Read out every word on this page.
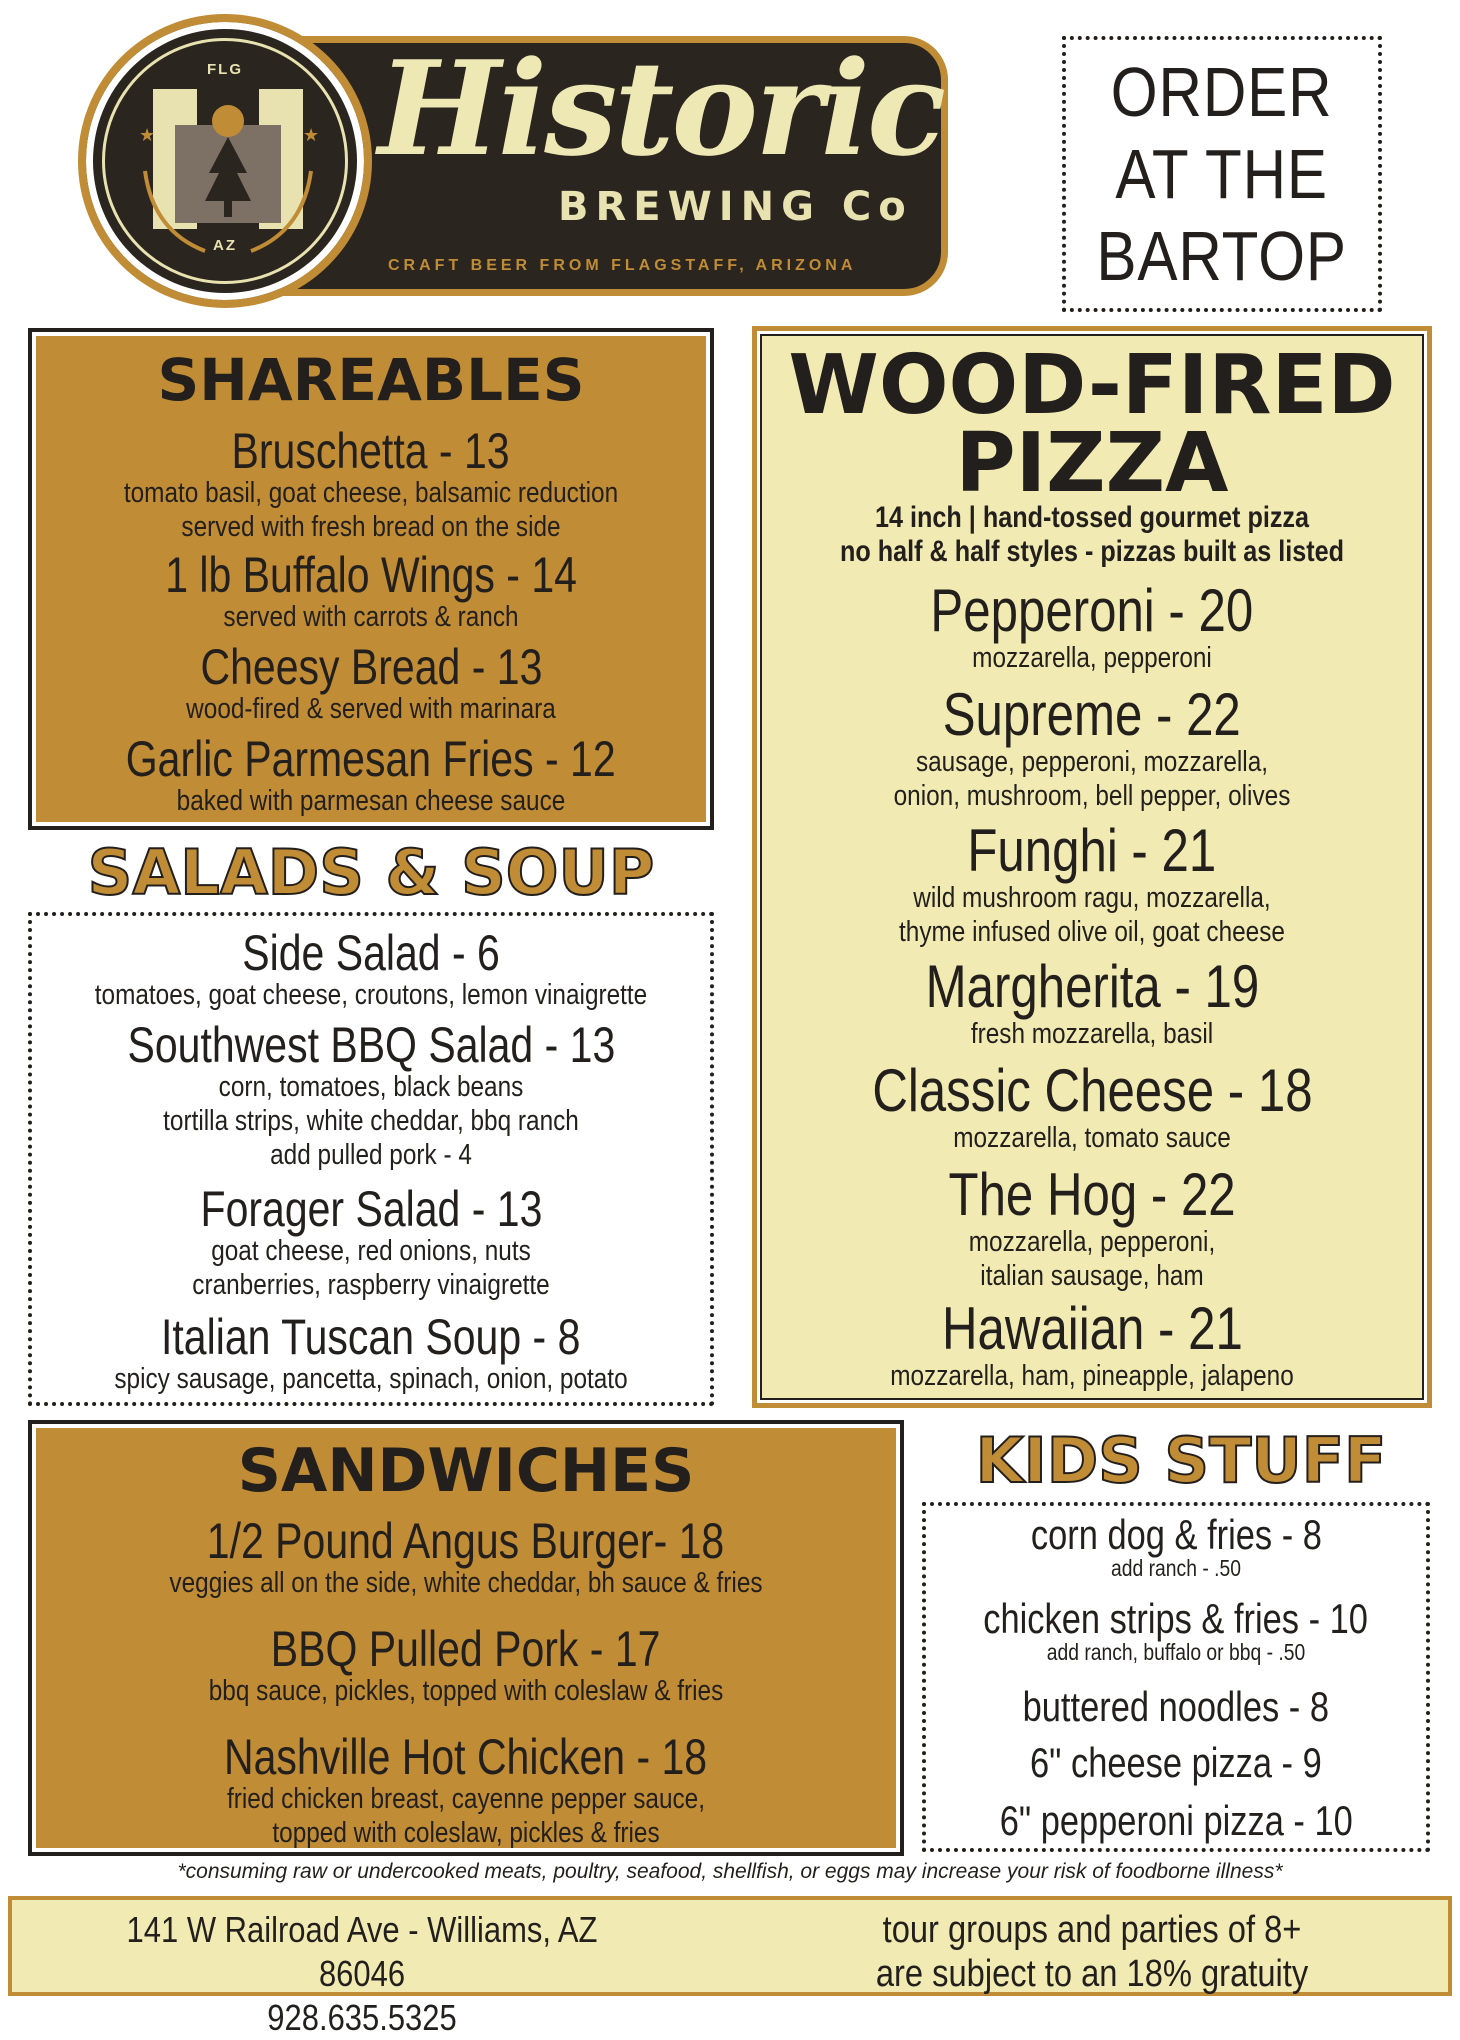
FLG
★	★
AZ
Historic
BREWING Co
CRAFT BEER FROM FLAGSTAFF, ARIZONA
ORDER
AT THE
BARTOP
SHAREABLES
Bruschetta - 13
tomato basil, goat cheese, balsamic reduction
served with fresh bread on the side
1 lb Buffalo Wings - 14
served with carrots & ranch
Cheesy Bread - 13
wood-fired & served with marinara
Garlic Parmesan Fries - 12
baked with parmesan cheese sauce
SALADS & SOUP
Side Salad - 6
tomatoes, goat cheese, croutons, lemon vinaigrette
Southwest BBQ Salad - 13
corn, tomatoes, black beans
tortilla strips, white cheddar, bbq ranch
add pulled pork - 4
Forager Salad - 13
goat cheese, red onions, nuts
cranberries, raspberry vinaigrette
Italian Tuscan Soup - 8
spicy sausage, pancetta, spinach, onion, potato
WOOD-FIRED
PIZZA
14 inch | hand-tossed gourmet pizza
no half & half styles - pizzas built as listed
Pepperoni - 20
mozzarella, pepperoni
Supreme - 22
sausage, pepperoni, mozzarella,
onion, mushroom, bell pepper, olives
Funghi - 21
wild mushroom ragu, mozzarella,
thyme infused olive oil, goat cheese
Margherita - 19
fresh mozzarella, basil
Classic Cheese - 18
mozzarella, tomato sauce
The Hog - 22
mozzarella, pepperoni,
italian sausage, ham
Hawaiian - 21
mozzarella, ham, pineapple, jalapeno
SANDWICHES
1/2 Pound Angus Burger- 18
veggies all on the side, white cheddar, bh sauce & fries
BBQ Pulled Pork - 17
bbq sauce, pickles, topped with coleslaw & fries
Nashville Hot Chicken - 18
fried chicken breast, cayenne pepper sauce,
topped with coleslaw, pickles & fries
KIDS STUFF
corn dog & fries - 8
add ranch - .50
chicken strips & fries - 10
add ranch, buffalo or bbq - .50
buttered noodles - 8
6" cheese pizza - 9
6" pepperoni pizza - 10
*consuming raw or undercooked meats, poultry, seafood, shellfish, or eggs may increase your risk of foodborne illness*
141 W Railroad Ave - Williams, AZ 86046
928.635.5325
tour groups and parties of 8+
are subject to an 18% gratuity
